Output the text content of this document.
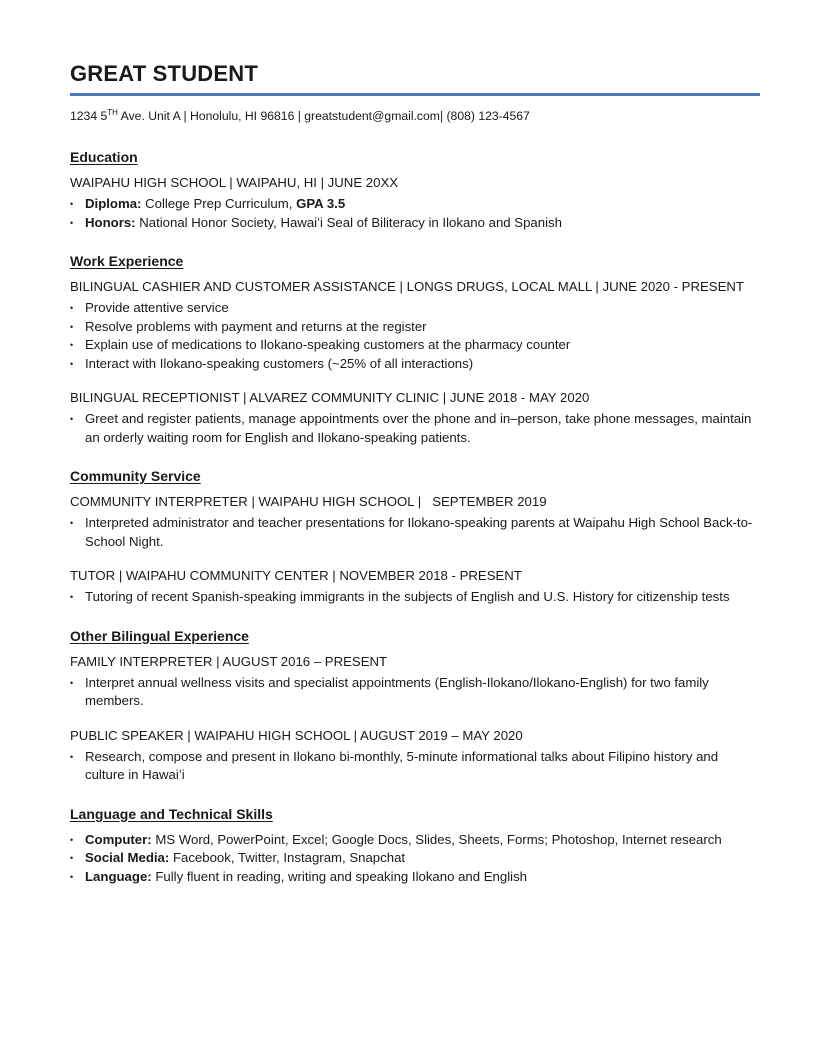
GREAT STUDENT
1234 5TH Ave. Unit A | Honolulu, HI 96816 | greatstudent@gmail.com| (808) 123-4567
Education
WAIPAHU HIGH SCHOOL | WAIPAHU, HI | JUNE 20XX
• Diploma: College Prep Curriculum, GPA 3.5
• Honors: National Honor Society, Hawaiʻi Seal of Biliteracy in Ilokano and Spanish
Work Experience
BILINGUAL CASHIER AND CUSTOMER ASSISTANCE | LONGS DRUGS, LOCAL MALL | JUNE 2020 - PRESENT
• Provide attentive service
• Resolve problems with payment and returns at the register
• Explain use of medications to Ilokano-speaking customers at the pharmacy counter
• Interact with Ilokano-speaking customers (~25% of all interactions)
BILINGUAL RECEPTIONIST | ALVAREZ COMMUNITY CLINIC | JUNE 2018 - MAY 2020
• Greet and register patients, manage appointments over the phone and in–person, take phone messages, maintain an orderly waiting room for English and Ilokano-speaking patients.
Community Service
COMMUNITY INTERPRETER | WAIPAHU HIGH SCHOOL |   SEPTEMBER 2019
• Interpreted administrator and teacher presentations for Ilokano-speaking parents at Waipahu High School Back-to-School Night.
TUTOR | WAIPAHU COMMUNITY CENTER | NOVEMBER 2018 - PRESENT
• Tutoring of recent Spanish-speaking immigrants in the subjects of English and U.S. History for citizenship tests
Other Bilingual Experience
FAMILY INTERPRETER | AUGUST 2016 – PRESENT
• Interpret annual wellness visits and specialist appointments (English-Ilokano/Ilokano-English) for two family members.
PUBLIC SPEAKER | WAIPAHU HIGH SCHOOL | AUGUST 2019 – MAY 2020
• Research, compose and present in Ilokano bi-monthly, 5-minute informational talks about Filipino history and culture in Hawaiʻi
Language and Technical Skills
• Computer: MS Word, PowerPoint, Excel; Google Docs, Slides, Sheets, Forms; Photoshop, Internet research
• Social Media: Facebook, Twitter, Instagram, Snapchat
• Language: Fully fluent in reading, writing and speaking Ilokano and English
